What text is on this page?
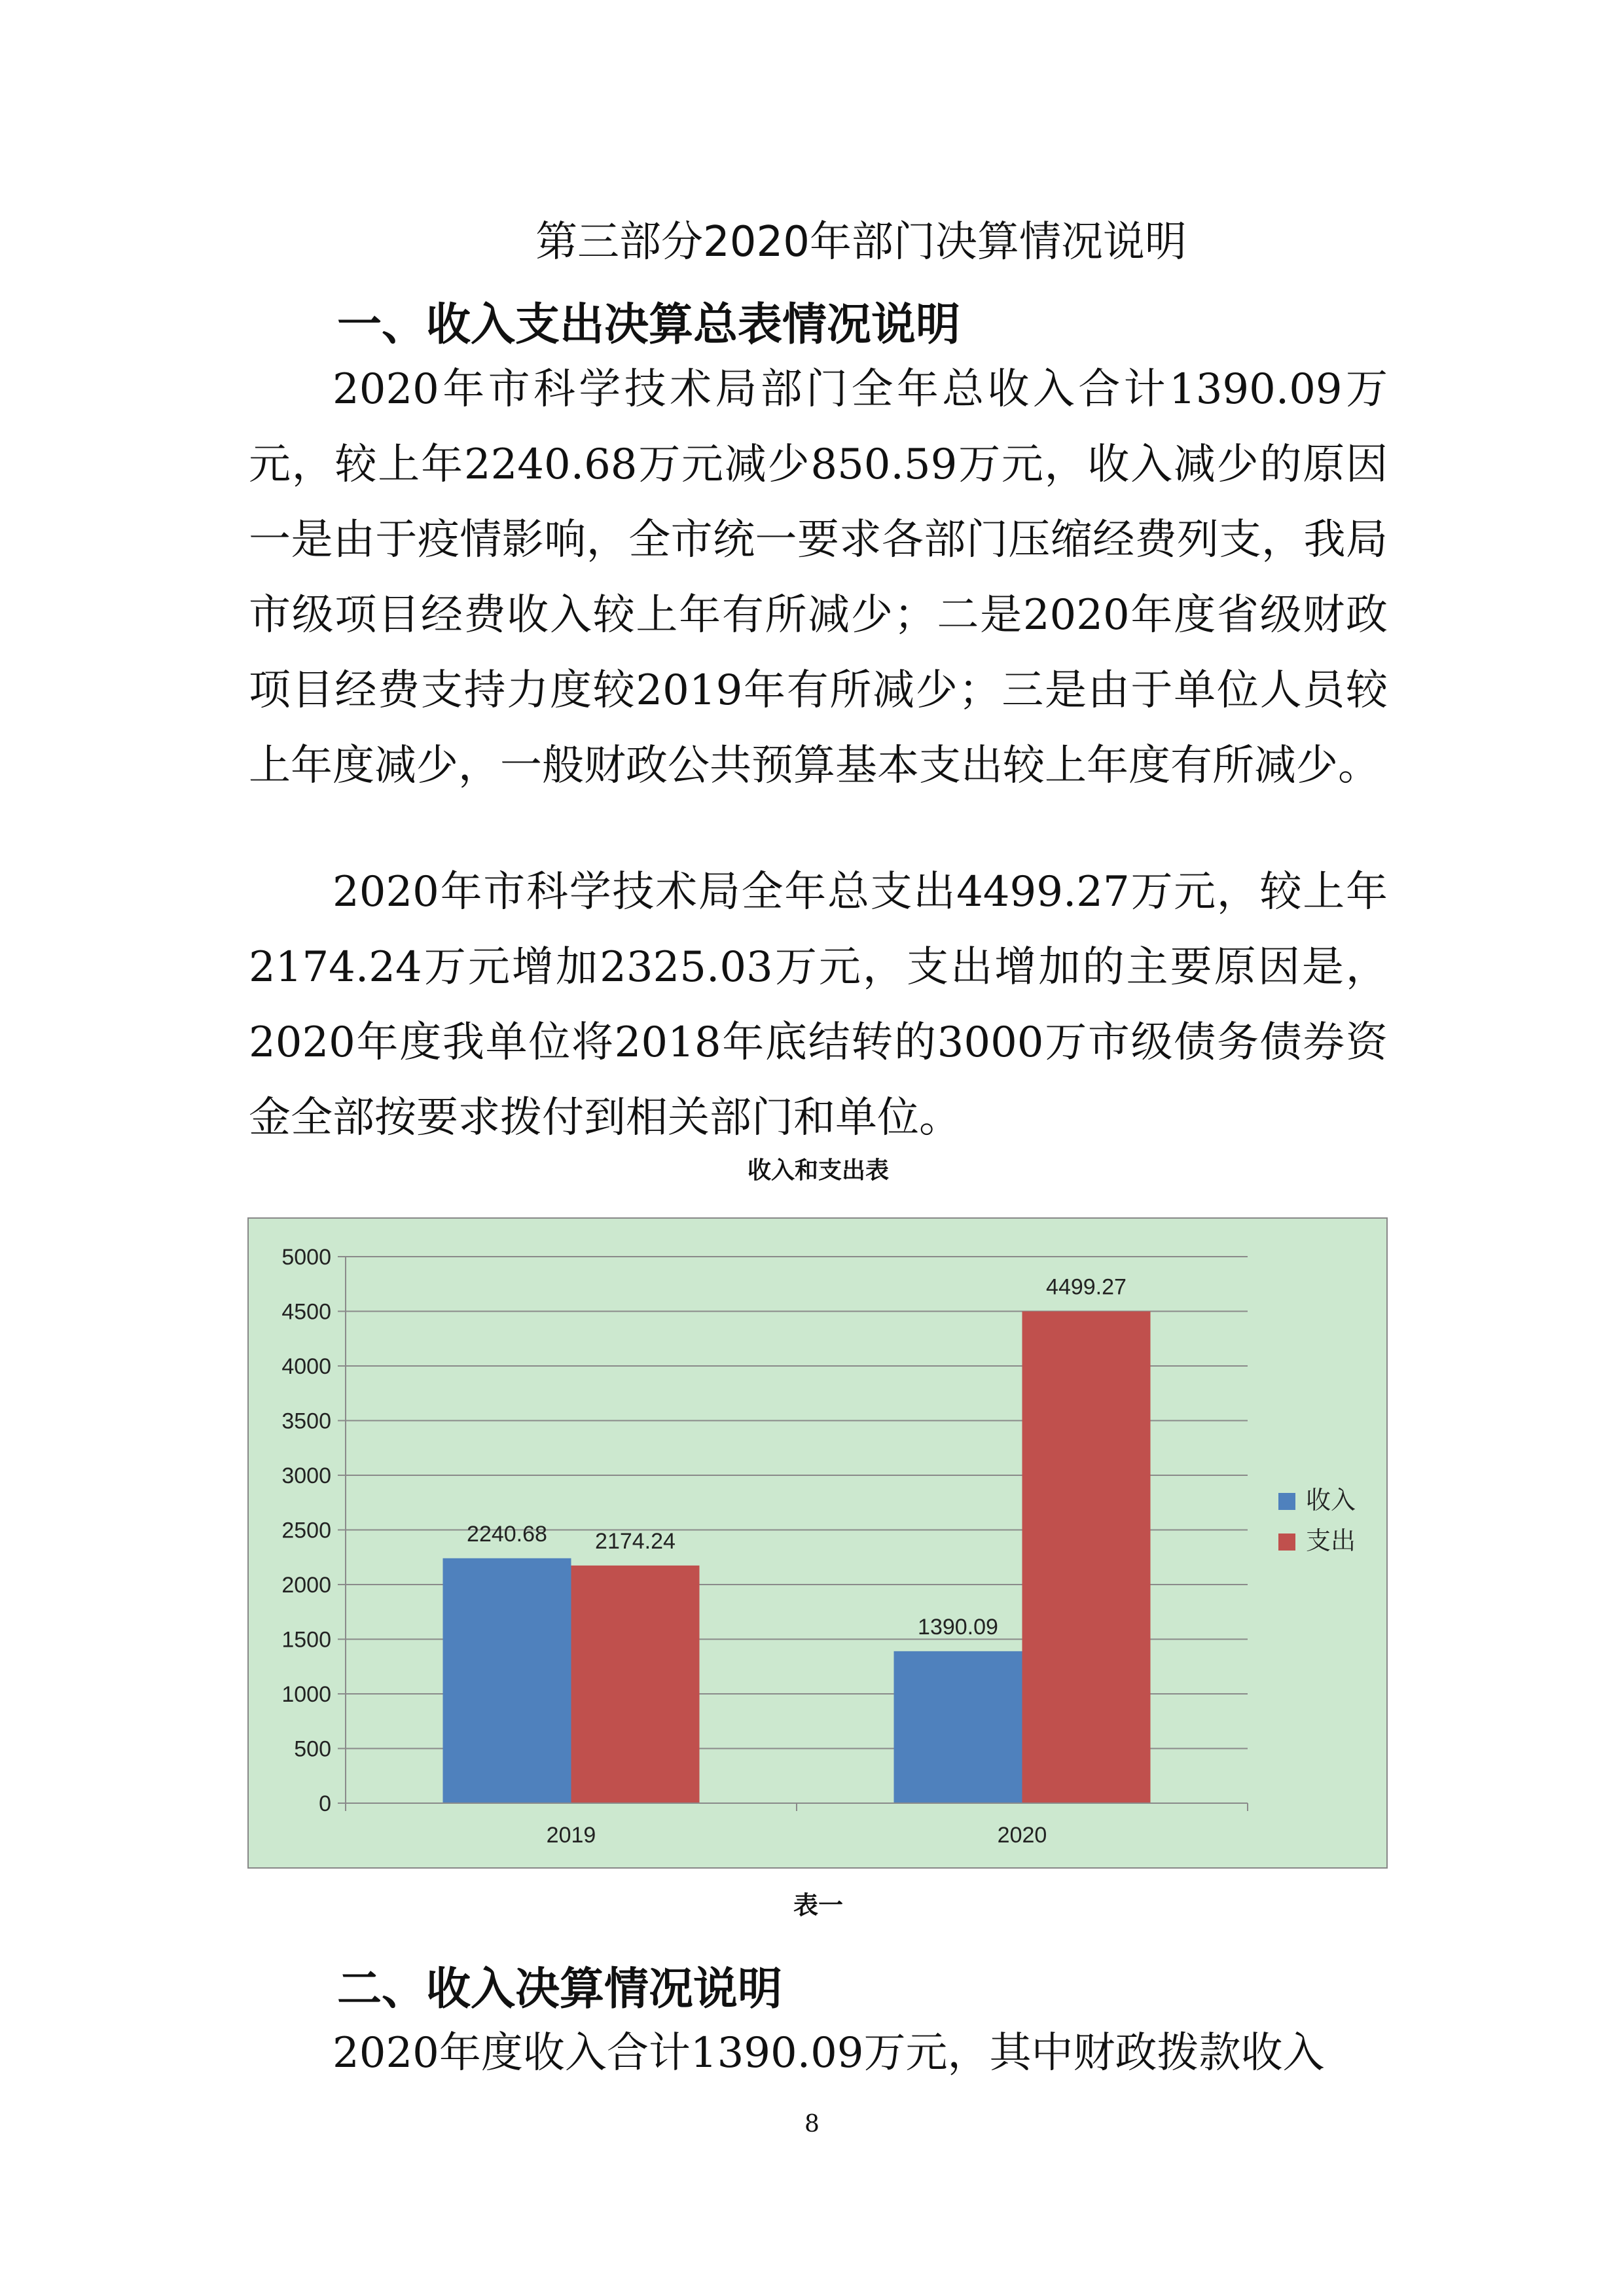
第三部分2020年部门决算情况说明
一、收入支出决算总表情况说明

2020年市科学技术局部门全年总收入合计1390.09万元，较上年2240.68万元减少850.59万元，收入减少的原因一是由于疫情影响，全市统一要求各部门压缩经费列支，我局市级项目经费收入较上年有所减少；二是2020年度省级财政项目经费支持力度较2019年有所减少；三是由于单位人员较上年度减少，一般财政公共预算基本支出较上年度有所减少。

2020年市科学技术局全年总支出4499.27万元，较上年2174.24万元增加2325.03万元，支出增加的主要原因是，2020年度我单位将2018年底结转的3000万市级债务债券资金全部按要求拨付到相关部门和单位。

收入和支出表
0
500
1000
1500
2000
2500
3000
3500
4000
4500
5000
2240.68 2174.24
1390.09
4499.27
2019	2020
收入
支出
表一
二、收入决算情况说明

2020年度收入合计1390.09万元，其中财政拨款收入

8
